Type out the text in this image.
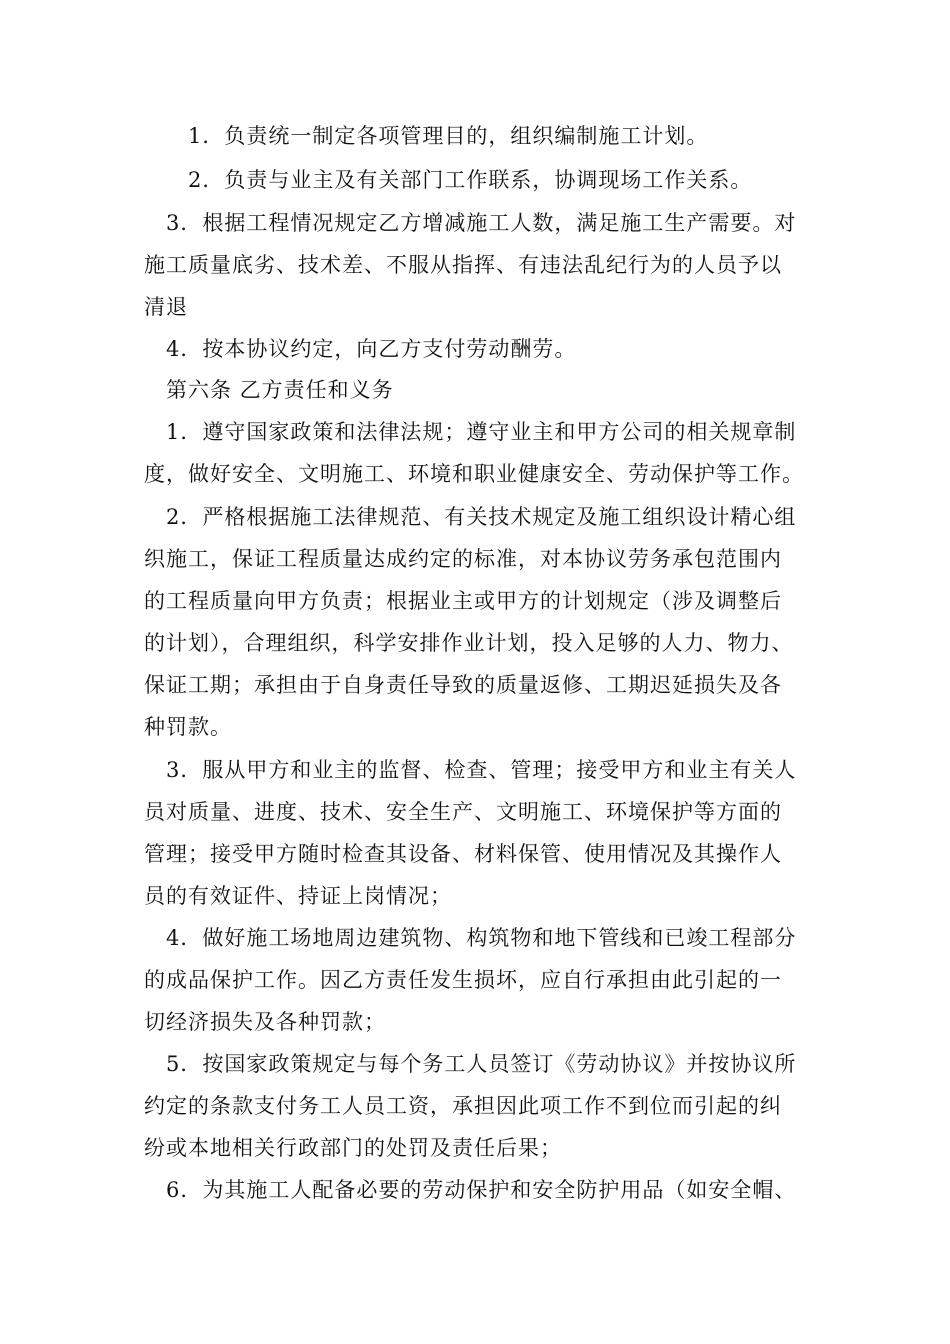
1．负责统一制定各项管理目的，组织编制施工计划。
2．负责与业主及有关部门工作联系，协调现场工作关系。
3．根据工程情况规定乙方增减施工人数，满足施工生产需要。对
施工质量底劣、技术差、不服从指挥、有违法乱纪行为的人员予以
清退
4．按本协议约定，向乙方支付劳动酬劳。
第六条 乙方责任和义务
1．遵守国家政策和法律法规；遵守业主和甲方公司的相关规章制
度，做好安全、文明施工、环境和职业健康安全、劳动保护等工作。
2．严格根据施工法律规范、有关技术规定及施工组织设计精心组
织施工，保证工程质量达成约定的标准，对本协议劳务承包范围内
的工程质量向甲方负责；根据业主或甲方的计划规定（涉及调整后
的计划），合理组织，科学安排作业计划，投入足够的人力、物力、
保证工期；承担由于自身责任导致的质量返修、工期迟延损失及各
种罚款。
3．服从甲方和业主的监督、检查、管理；接受甲方和业主有关人
员对质量、进度、技术、安全生产、文明施工、环境保护等方面的
管理；接受甲方随时检查其设备、材料保管、使用情况及其操作人
员的有效证件、持证上岗情况；
4．做好施工场地周边建筑物、构筑物和地下管线和已竣工程部分
的成品保护工作。因乙方责任发生损坏，应自行承担由此引起的一
切经济损失及各种罚款；
5．按国家政策规定与每个务工人员签订《劳动协议》并按协议所
约定的条款支付务工人员工资，承担因此项工作不到位而引起的纠
纷或本地相关行政部门的处罚及责任后果；
6．为其施工人配备必要的劳动保护和安全防护用品（如安全帽、
